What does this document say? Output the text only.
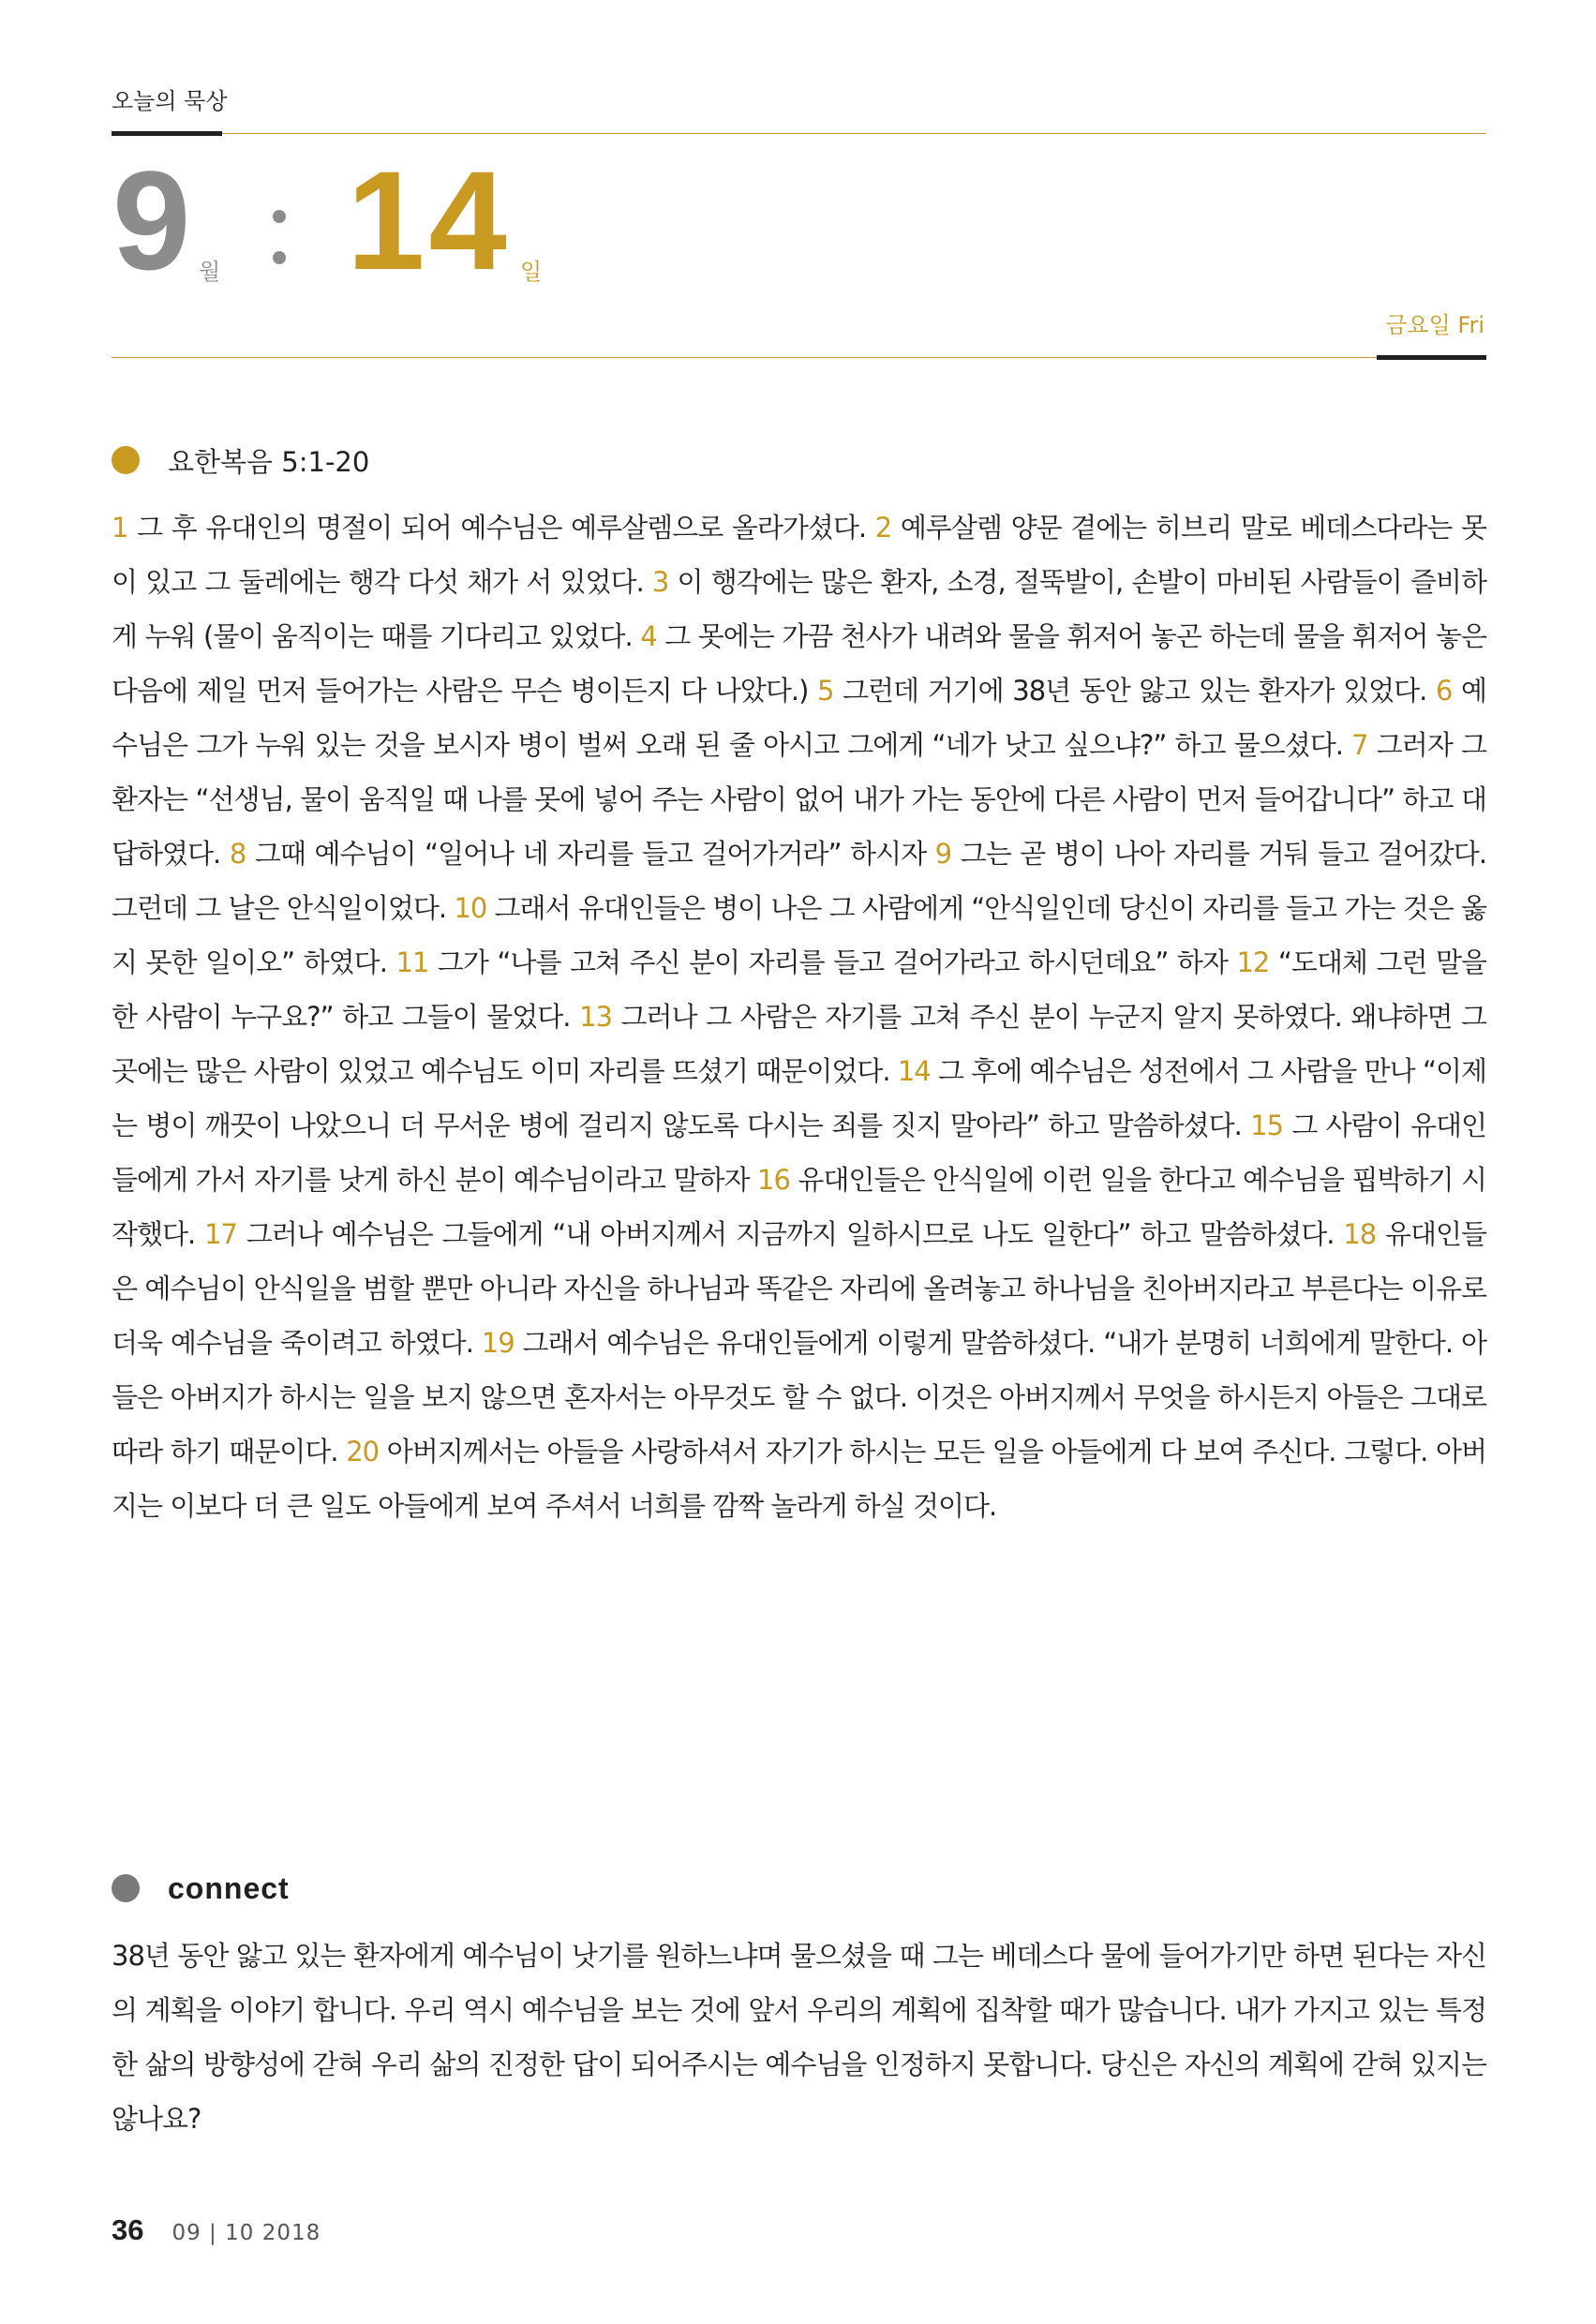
오늘의 묵상
9 월 14 일
금요일 Fri
요한복음 5:1-20
1 그 후 유대인의 명절이 되어 예수님은 예루살렘으로 올라가셨다. 2 예루살렘 양문 곁에는 히브리 말로 베데스다라는 못이 있고 그 둘레에는 행각 다섯 채가 서 있었다. 3 이 행각에는 많은 환자, 소경, 절뚝발이, 손발이 마비된 사람들이 즐비하게 누워 (물이 움직이는 때를 기다리고 있었다. 4 그 못에는 가끔 천사가 내려와 물을 휘저어 놓곤 하는데 물을 휘저어 놓은 다음에 제일 먼저 들어가는 사람은 무슨 병이든지 다 나았다.) 5 그런데 거기에 38년 동안 앓고 있는 환자가 있었다. 6 예수님은 그가 누워 있는 것을 보시자 병이 벌써 오래 된 줄 아시고 그에게 “네가 낫고 싶으냐?” 하고 물으셨다. 7 그러자 그 환자는 “선생님, 물이 움직일 때 나를 못에 넣어 주는 사람이 없어 내가 가는 동안에 다른 사람이 먼저 들어갑니다” 하고 대답하였다. 8 그때 예수님이 “일어나 네 자리를 들고 걸어가거라” 하시자 9 그는 곧 병이 나아 자리를 거둬 들고 걸어갔다. 그런데 그 날은 안식일이었다. 10 그래서 유대인들은 병이 나은 그 사람에게 “안식일인데 당신이 자리를 들고 가는 것은 옳지 못한 일이오” 하였다. 11 그가 “나를 고쳐 주신 분이 자리를 들고 걸어가라고 하시던데요” 하자 12 “도대체 그런 말을 한 사람이 누구요?” 하고 그들이 물었다. 13 그러나 그 사람은 자기를 고쳐 주신 분이 누군지 알지 못하였다. 왜냐하면 그 곳에는 많은 사람이 있었고 예수님도 이미 자리를 뜨셨기 때문이었다. 14 그 후에 예수님은 성전에서 그 사람을 만나 “이제는 병이 깨끗이 나았으니 더 무서운 병에 걸리지 않도록 다시는 죄를 짓지 말아라” 하고 말씀하셨다. 15 그 사람이 유대인들에게 가서 자기를 낫게 하신 분이 예수님이라고 말하자 16 유대인들은 안식일에 이런 일을 한다고 예수님을 핍박하기 시작했다. 17 그러나 예수님은 그들에게 “내 아버지께서 지금까지 일하시므로 나도 일한다” 하고 말씀하셨다. 18 유대인들은 예수님이 안식일을 범할 뿐만 아니라 자신을 하나님과 똑같은 자리에 올려놓고 하나님을 친아버지라고 부른다는 이유로 더욱 예수님을 죽이려고 하였다. 19 그래서 예수님은 유대인들에게 이렇게 말씀하셨다. “내가 분명히 너희에게 말한다. 아들은 아버지가 하시는 일을 보지 않으면 혼자서는 아무것도 할 수 없다. 이것은 아버지께서 무엇을 하시든지 아들은 그대로 따라 하기 때문이다. 20 아버지께서는 아들을 사랑하셔서 자기가 하시는 모든 일을 아들에게 다 보여 주신다. 그렇다. 아버지는 이보다 더 큰 일도 아들에게 보여 주셔서 너희를 깜짝 놀라게 하실 것이다.
connect
38년 동안 앓고 있는 환자에게 예수님이 낫기를 원하느냐며 물으셨을 때 그는 베데스다 물에 들어가기만 하면 된다는 자신의 계획을 이야기 합니다. 우리 역시 예수님을 보는 것에 앞서 우리의 계획에 집착할 때가 많습니다. 내가 가지고 있는 특정한 삶의 방향성에 갇혀 우리 삶의 진정한 답이 되어주시는 예수님을 인정하지 못합니다. 당신은 자신의 계획에 갇혀 있지는 않나요?
36 09 | 10 2018
